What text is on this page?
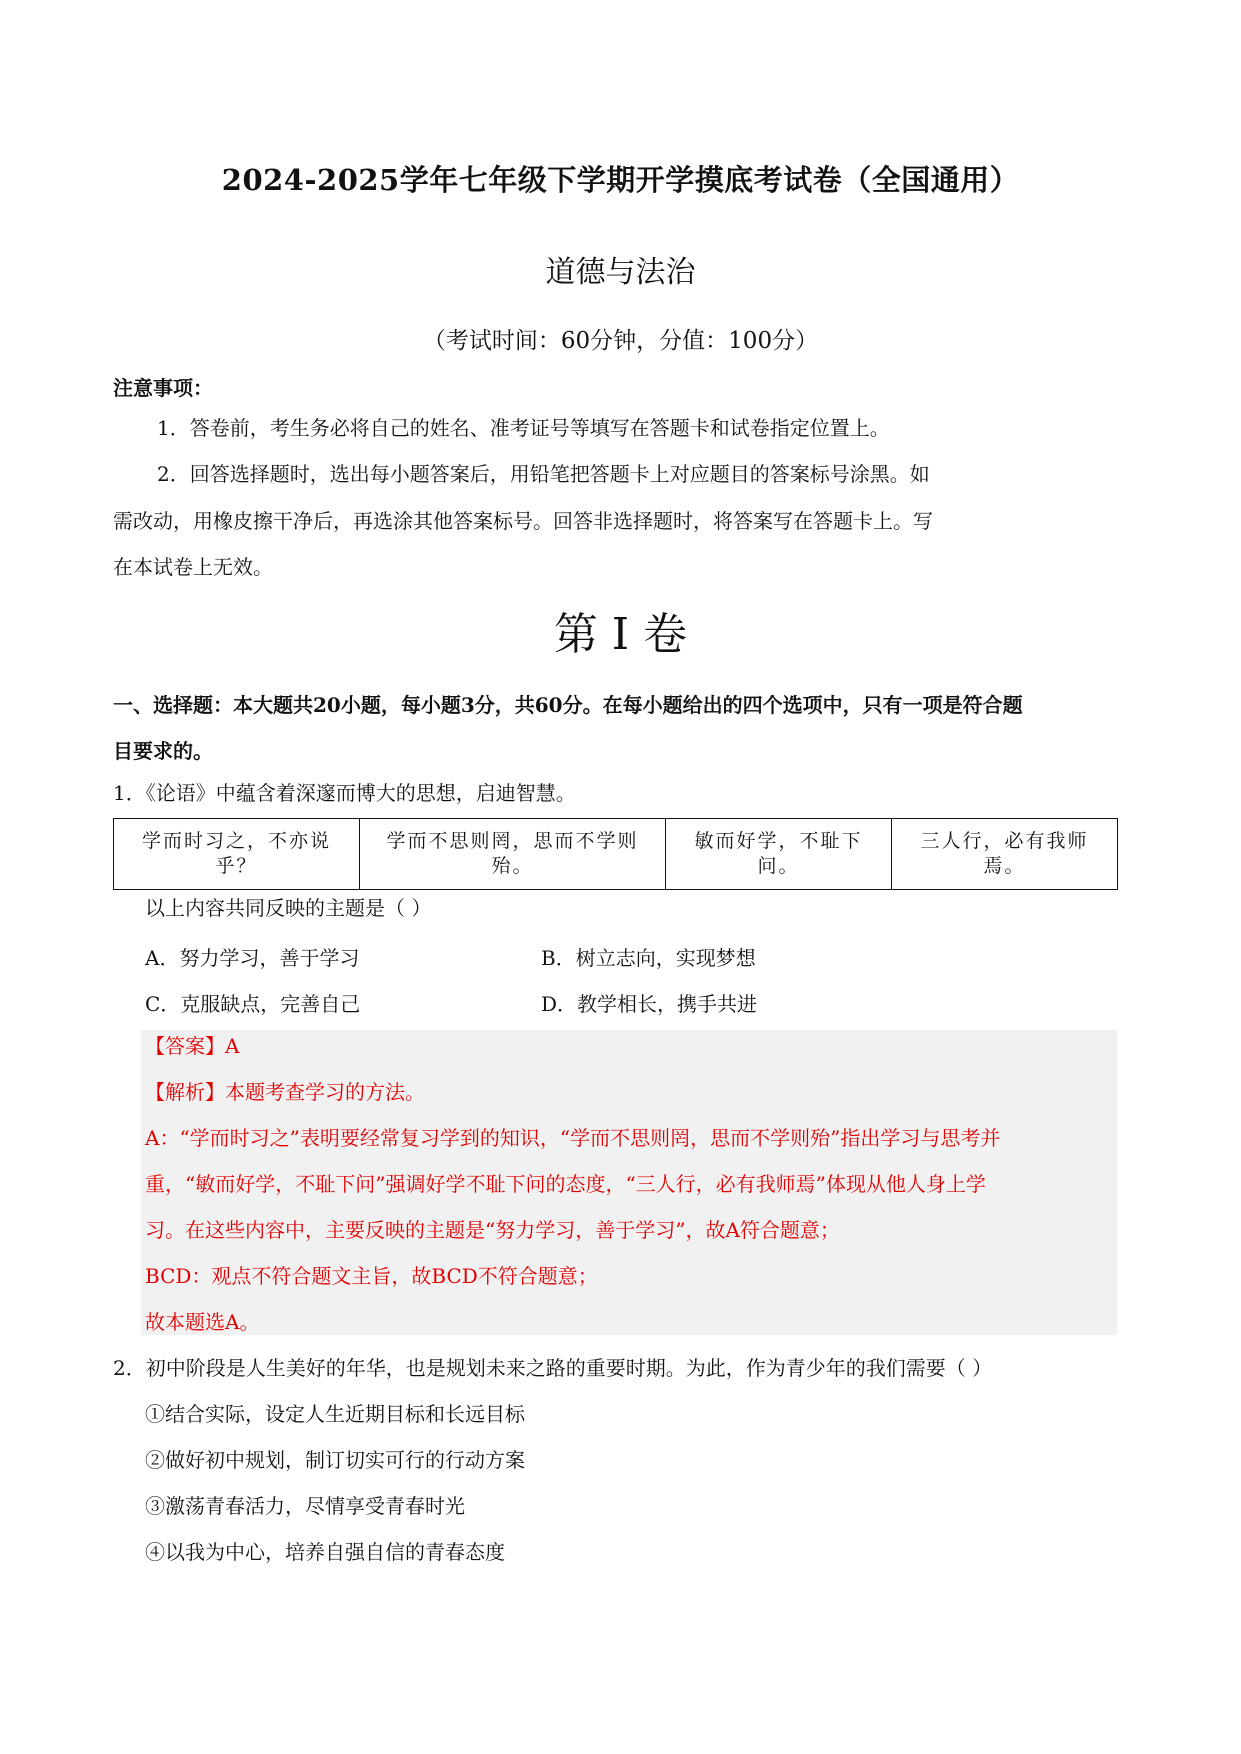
2024-2025学年七年级下学期开学摸底考试卷（全国通用）
道德与法治
（考试时间：60分钟，分值：100分）
注意事项：
1．答卷前，考生务必将自己的姓名、准考证号等填写在答题卡和试卷指定位置上。
2．回答选择题时，选出每小题答案后，用铅笔把答题卡上对应题目的答案标号涂黑。如
需改动，用橡皮擦干净后，再选涂其他答案标号。回答非选择题时，将答案写在答题卡上。写
在本试卷上无效。
第 I 卷
一、选择题：本大题共20小题，每小题3分，共60分。在每小题给出的四个选项中，只有一项是符合题
目要求的。
1．《论语》中蕴含着深邃而博大的思想，启迪智慧。
学而时习之，不亦说乎？	学而不思则罔，思而不学则殆。	敏而好学，不耻下问。	三人行，必有我师焉。
以上内容共同反映的主题是（ ）
A．努力学习，善于学习	B．树立志向，实现梦想
C．克服缺点，完善自己	D．教学相长，携手共进
【答案】A
【解析】本题考查学习的方法。
A：“学而时习之”表明要经常复习学到的知识，“学而不思则罔，思而不学则殆”指出学习与思考并
重，“敏而好学，不耻下问”强调好学不耻下问的态度，“三人行，必有我师焉”体现从他人身上学
习。在这些内容中，主要反映的主题是“努力学习，善于学习”，故A符合题意；
BCD：观点不符合题文主旨，故BCD不符合题意；
故本题选A。
2．初中阶段是人生美好的年华，也是规划未来之路的重要时期。为此，作为青少年的我们需要（ ）
①结合实际，设定人生近期目标和长远目标
②做好初中规划，制订切实可行的行动方案
③激荡青春活力，尽情享受青春时光
④以我为中心，培养自强自信的青春态度
